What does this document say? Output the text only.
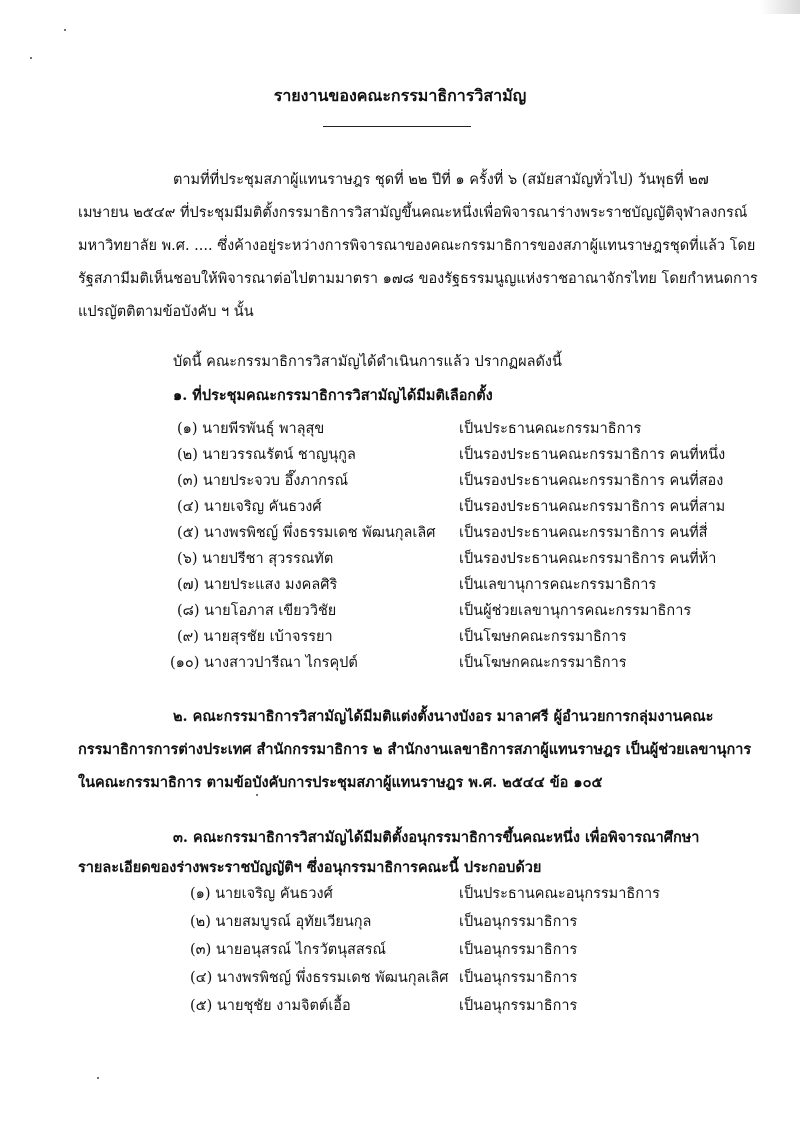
รายงานของคณะกรรมาธิการวิสามัญ
ตามที่ที่ประชุมสภาผู้แทนราษฎร ชุดที่ ๒๒ ปีที่ ๑ ครั้งที่ ๖ (สมัยสามัญทั่วไป) วันพุธที่ ๒๗
เมษายน ๒๕๔๙ ที่ประชุมมีมติตั้งกรรมาธิการวิสามัญขึ้นคณะหนึ่งเพื่อพิจารณาร่างพระราชบัญญัติจุฬาลงกรณ์
มหาวิทยาลัย พ.ศ. .... ซึ่งค้างอยู่ระหว่างการพิจารณาของคณะกรรมาธิการของสภาผู้แทนราษฎรชุดที่แล้ว โดย
รัฐสภามีมติเห็นชอบให้พิจารณาต่อไปตามมาตรา ๑๗๘ ของรัฐธรรมนูญแห่งราชอาณาจักรไทย โดยกำหนดการ
แปรญัตติตามข้อบังคับ ฯ นั้น
บัดนี้ คณะกรรมาธิการวิสามัญได้ดำเนินการแล้ว ปรากฏผลดังนี้
๑. ที่ประชุมคณะกรรมาธิการวิสามัญได้มีมติเลือกตั้ง
(๑) นายพีรพันธุ์ พาลุสุข	เป็นประธานคณะกรรมาธิการ
(๒) นายวรรณรัตน์ ชาญนุกูล	เป็นรองประธานคณะกรรมาธิการ คนที่หนึ่ง
(๓) นายประจวบ อึ๊งภากรณ์	เป็นรองประธานคณะกรรมาธิการ คนที่สอง
(๔) นายเจริญ คันธวงศ์	เป็นรองประธานคณะกรรมาธิการ คนที่สาม
(๕) นางพรพิชญ์ พึ่งธรรมเดช พัฒนกุลเลิศ เป็นรองประธานคณะกรรมาธิการ คนที่สี่
(๖) นายปรีชา สุวรรณทัต	เป็นรองประธานคณะกรรมาธิการ คนที่ห้า
(๗) นายประแสง มงคลศิริ	เป็นเลขานุการคณะกรรมาธิการ
(๘) นายโอภาส เขียววิชัย	เป็นผู้ช่วยเลขานุการคณะกรรมาธิการ
(๙) นายสุรชัย เบ้าจรรยา	เป็นโฆษกคณะกรรมาธิการ
(๑๐) นางสาวปารีณา ไกรคุปต์	เป็นโฆษกคณะกรรมาธิการ
๒. คณะกรรมาธิการวิสามัญได้มีมติแต่งตั้งนางบังอร มาลาศรี ผู้อำนวยการกลุ่มงานคณะ
กรรมาธิการการต่างประเทศ สำนักกรรมาธิการ ๒ สำนักงานเลขาธิการสภาผู้แทนราษฎร เป็นผู้ช่วยเลขานุการ
ในคณะกรรมาธิการ ตามข้อบังคับการประชุมสภาผู้แทนราษฎร พ.ศ. ๒๕๔๔ ข้อ ๑๐๕
๓. คณะกรรมาธิการวิสามัญได้มีมติตั้งอนุกรรมาธิการขึ้นคณะหนึ่ง เพื่อพิจารณาศึกษา
รายละเอียดของร่างพระราชบัญญัติฯ ซึ่งอนุกรรมาธิการคณะนี้ ประกอบด้วย
(๑) นายเจริญ คันธวงศ์	เป็นประธานคณะอนุกรรมาธิการ
(๒) นายสมบูรณ์ อุทัยเวียนกุล	เป็นอนุกรรมาธิการ
(๓) นายอนุสรณ์ ไกรวัตนุสสรณ์	เป็นอนุกรรมาธิการ
(๔) นางพรพิชญ์ พึ่งธรรมเดช พัฒนกุลเลิศ เป็นอนุกรรมาธิการ
(๕) นายชุชัย งามจิตต์เอื้อ	เป็นอนุกรรมาธิการ
